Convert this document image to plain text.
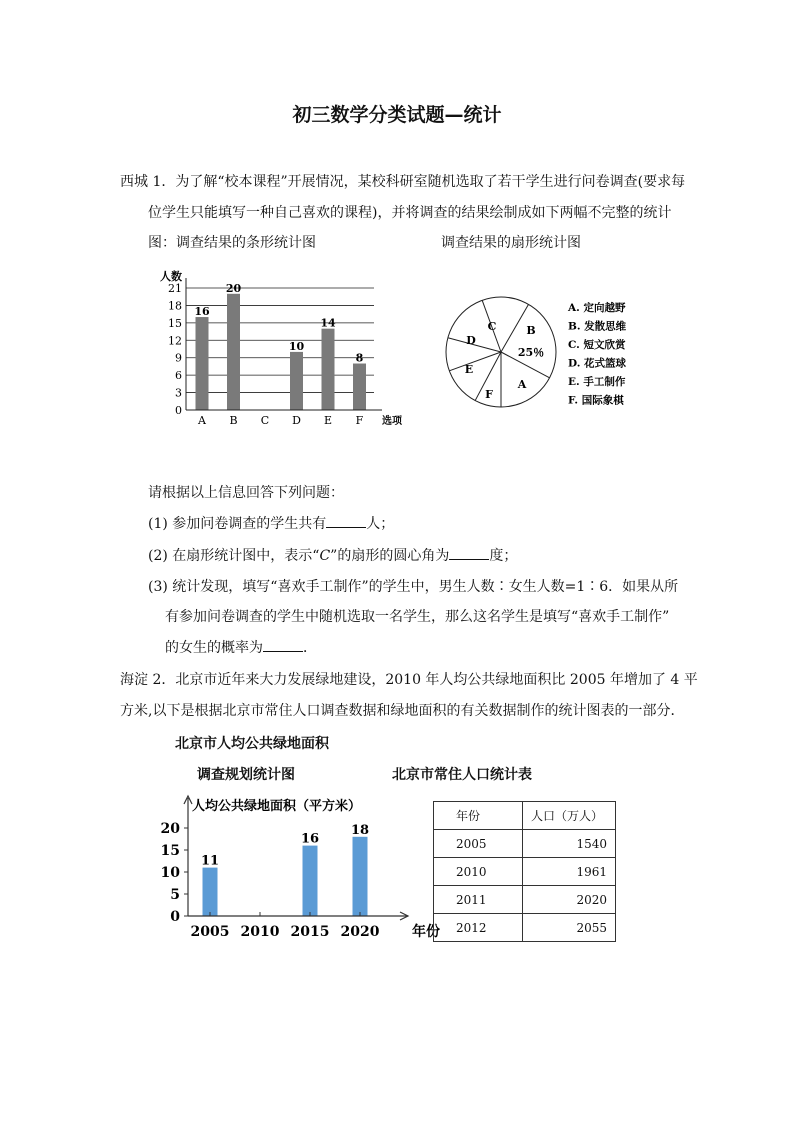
初三数学分类试题—统计
西城 1．为了解“校本课程”开展情况，某校科研室随机选取了若干学生进行问卷调查(要求每
位学生只能填写一种自己喜欢的课程)，并将调查的结果绘制成如下两幅不完整的统计
图：调查结果的条形统计图	调查结果的扇形统计图
16
A
20
B C
10
D
14
E
8
F
0
3
6
9
12
15
18
21
人数
选项
A
B
C
D
E
F
25％
A. 定向越野
B. 发散思维
C. 短文欣赏
D. 花式篮球
E. 手工制作
F. 国际象棋
请根据以上信息回答下列问题：
(1) 参加问卷调查的学生共有	人；
(2) 在扇形统计图中，表示“C”的扇形的圆心角为	度；
(3) 统计发现，填写“喜欢手工制作”的学生中，男生人数∶女生人数=1∶6．如果从所
有参加问卷调查的学生中随机选取一名学生，那么这名学生是填写“喜欢手工制作”
的女生的概率为	．
海淀 2．北京市近年来大力发展绿地建设，2010 年人均公共绿地面积比 2005 年增加了 4 平
方米,以下是根据北京市常住人口调查数据和绿地面积的有关数据制作的统计图表的一部分．
北京市人均公共绿地面积
调查规划统计图	北京市常住人口统计表
11
2005 2010
16
2015
18
2020
0
5
10
15
20
人均公共绿地面积（平方米）
年份
年份	人口（万人）
2005	1540
2010	1961
2011	2020
2012	2055
